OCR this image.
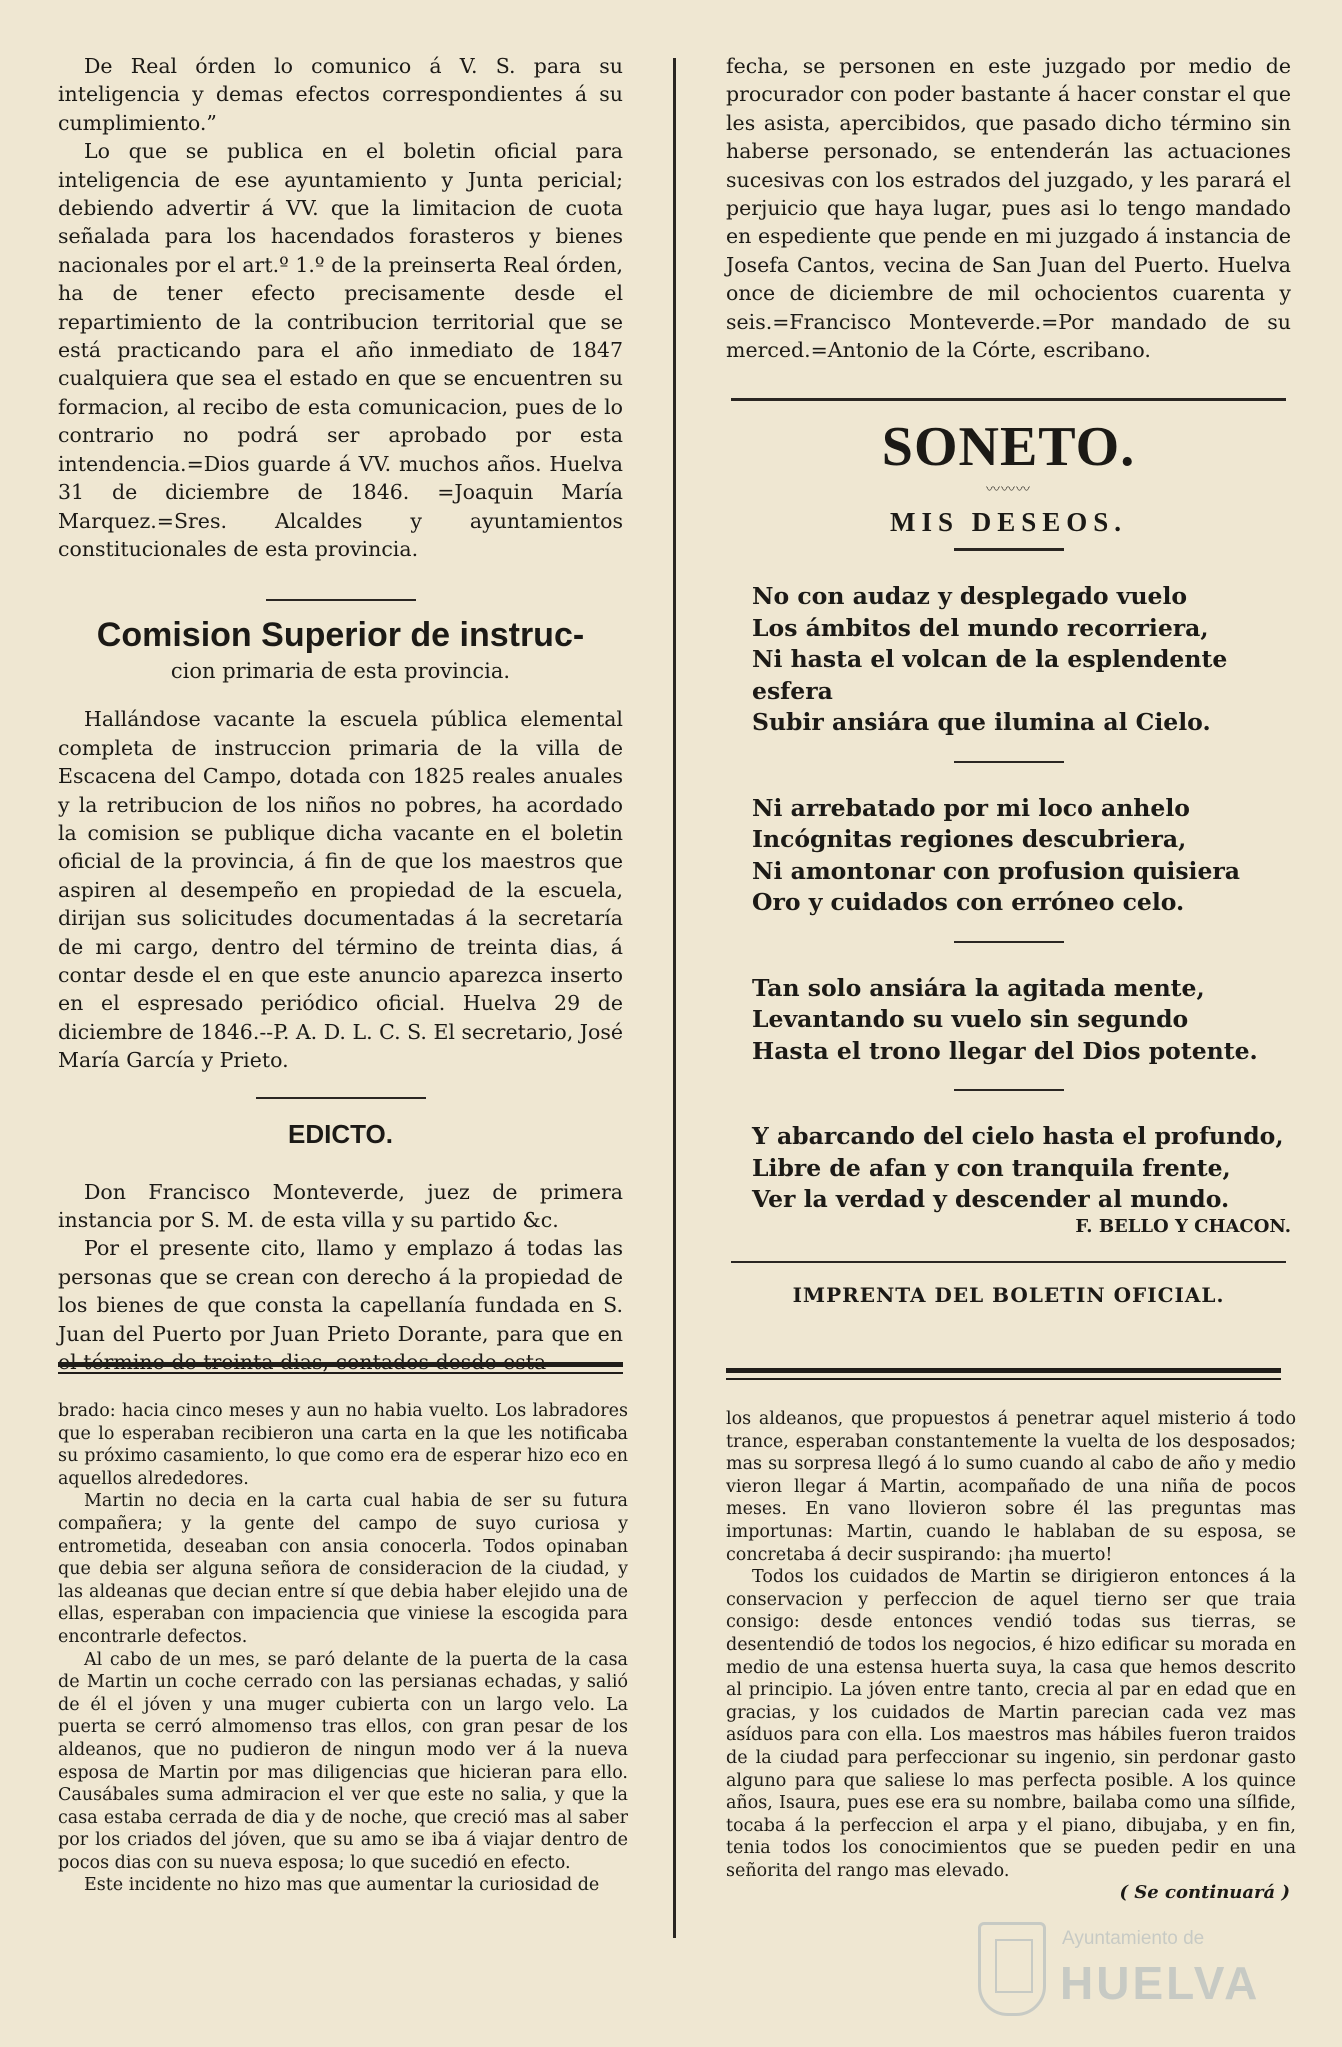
De Real órden lo comunico á V. S. para su inteligencia y demas efectos correspondientes á su cumplimiento.”

Lo que se publica en el boletin oficial para inteligencia de ese ayuntamiento y Junta pericial; debiendo advertir á VV. que la limitacion de cuota señalada para los hacendados forasteros y bienes nacionales por el art.º 1.º de la preinserta Real órden, ha de tener efecto precisamente desde el repartimiento de la contribucion territorial que se está practicando para el año inmediato de 1847 cualquiera que sea el estado en que se encuentren su formacion, al recibo de esta comunicacion, pues de lo contrario no podrá ser aprobado por esta intendencia.=Dios guarde á VV. muchos años. Huelva 31 de diciembre de 1846. =Joaquin María Marquez.=Sres. Alcaldes y ayuntamientos constitucionales de esta provincia.

Comision Superior de instruc-
cion primaria de esta provincia.

Hallándose vacante la escuela pública elemental completa de instruccion primaria de la villa de Escacena del Campo, dotada con 1825 reales anuales y la retribucion de los niños no pobres, ha acordado la comision se publique dicha vacante en el boletin oficial de la provincia, á fin de que los maestros que aspiren al desempeño en propiedad de la escuela, dirijan sus solicitudes documentadas á la secretaría de mi cargo, dentro del término de treinta dias, á contar desde el en que este anuncio aparezca inserto en el espresado periódico oficial. Huelva 29 de diciembre de 1846.--P. A. D. L. C. S. El secretario, José María García y Prieto.

EDICTO.

Don Francisco Monteverde, juez de primera instancia por S. M. de esta villa y su partido &c.

Por el presente cito, llamo y emplazo á todas las personas que se crean con derecho á la propiedad de los bienes de que consta la capellanía fundada en S. Juan del Puerto por Juan Prieto Dorante, para que en

fecha, se personen en este juzgado por medio de procurador con poder bastante á hacer constar el que les asista, apercibidos, que pasado dicho término sin haberse personado, se entenderán las actuaciones sucesivas con los estrados del juzgado, y les parará el perjuicio que haya lugar, pues asi lo tengo mandado en espediente que pende en mi juzgado á instancia de Josefa Cantos, vecina de San Juan del Puerto. Huelva once de diciembre de mil ochocientos cuarenta y seis.=Francisco Monteverde.=Por mandado de su merced.=Antonio de la Córte, escribano.

SONETO.
〰〰〰
MIS DESEOS.
No con audaz y desplegado vuelo
Los ámbitos del mundo recorriera,
Ni hasta el volcan de la esplendente esfera
Subir ansiára que ilumina al Cielo.
Ni arrebatado por mi loco anhelo
Incógnitas regiones descubriera,
Ni amontonar con profusion quisiera
Oro y cuidados con erróneo celo.
Tan solo ansiára la agitada mente,
Levantando su vuelo sin segundo
Hasta el trono llegar del Dios potente.
Y abarcando del cielo hasta el profundo,
Libre de afan y con tranquila frente,
Ver la verdad y descender al mundo.
F. BELLO Y CHACON.
IMPRENTA DEL BOLETIN OFICIAL.

brado: hacia cinco meses y aun no habia vuelto. Los labradores que lo esperaban recibieron una carta en la que les notificaba su próximo casamiento, lo que como era de esperar hizo eco en aquellos alrededores.

Martin no decia en la carta cual habia de ser su futura compañera; y la gente del campo de suyo curiosa y entrometida, deseaban con ansia conocerla. Todos opinaban que debia ser alguna señora de consideracion de la ciudad, y las aldeanas que decian entre sí que debia haber elejido una de ellas, esperaban con impaciencia que viniese la escogida para encontrarle defectos.

Al cabo de un mes, se paró delante de la puerta de la casa de Martin un coche cerrado con las persianas echadas, y salió de él el jóven y una muger cubierta con un largo velo. La puerta se cerró almomenso tras ellos, con gran pesar de los aldeanos, que no pudieron de ningun modo ver á la nueva esposa de Martin por mas diligencias que hicieran para ello. Causábales suma admiracion el ver que este no salia, y que la casa estaba cerrada de dia y de noche, que creció mas al saber por los criados del jóven, que su amo se iba á viajar dentro de pocos dias con su nueva esposa; lo que sucedió en efecto.

Este incidente no hizo mas que aumentar la curiosidad de

los aldeanos, que propuestos á penetrar aquel misterio á todo trance, esperaban constantemente la vuelta de los desposados; mas su sorpresa llegó á lo sumo cuando al cabo de año y medio vieron llegar á Martin, acompañado de una niña de pocos meses. En vano llovieron sobre él las preguntas mas importunas: Martin, cuando le hablaban de su esposa, se concretaba á decir suspirando: ¡ha muerto!

Todos los cuidados de Martin se dirigieron entonces á la conservacion y perfeccion de aquel tierno ser que traia consigo: desde entonces vendió todas sus tierras, se desentendió de todos los negocios, é hizo edificar su morada en medio de una estensa huerta suya, la casa que hemos descrito al principio. La jóven entre tanto, crecia al par en edad que en gracias, y los cuidados de Martin parecian cada vez mas asíduos para con ella. Los maestros mas hábiles fueron traidos de la ciudad para perfeccionar su ingenio, sin perdonar gasto alguno para que saliese lo mas perfecta posible. A los quince años, Isaura, pues ese era su nombre, bailaba como una sílfide, tocaba á la perfeccion el arpa y el piano, dibujaba, y en fin, tenia todos los conocimientos que se pueden pedir en una señorita del rango mas elevado.

( Se continuará )
Ayuntamiento de
HUELVA
